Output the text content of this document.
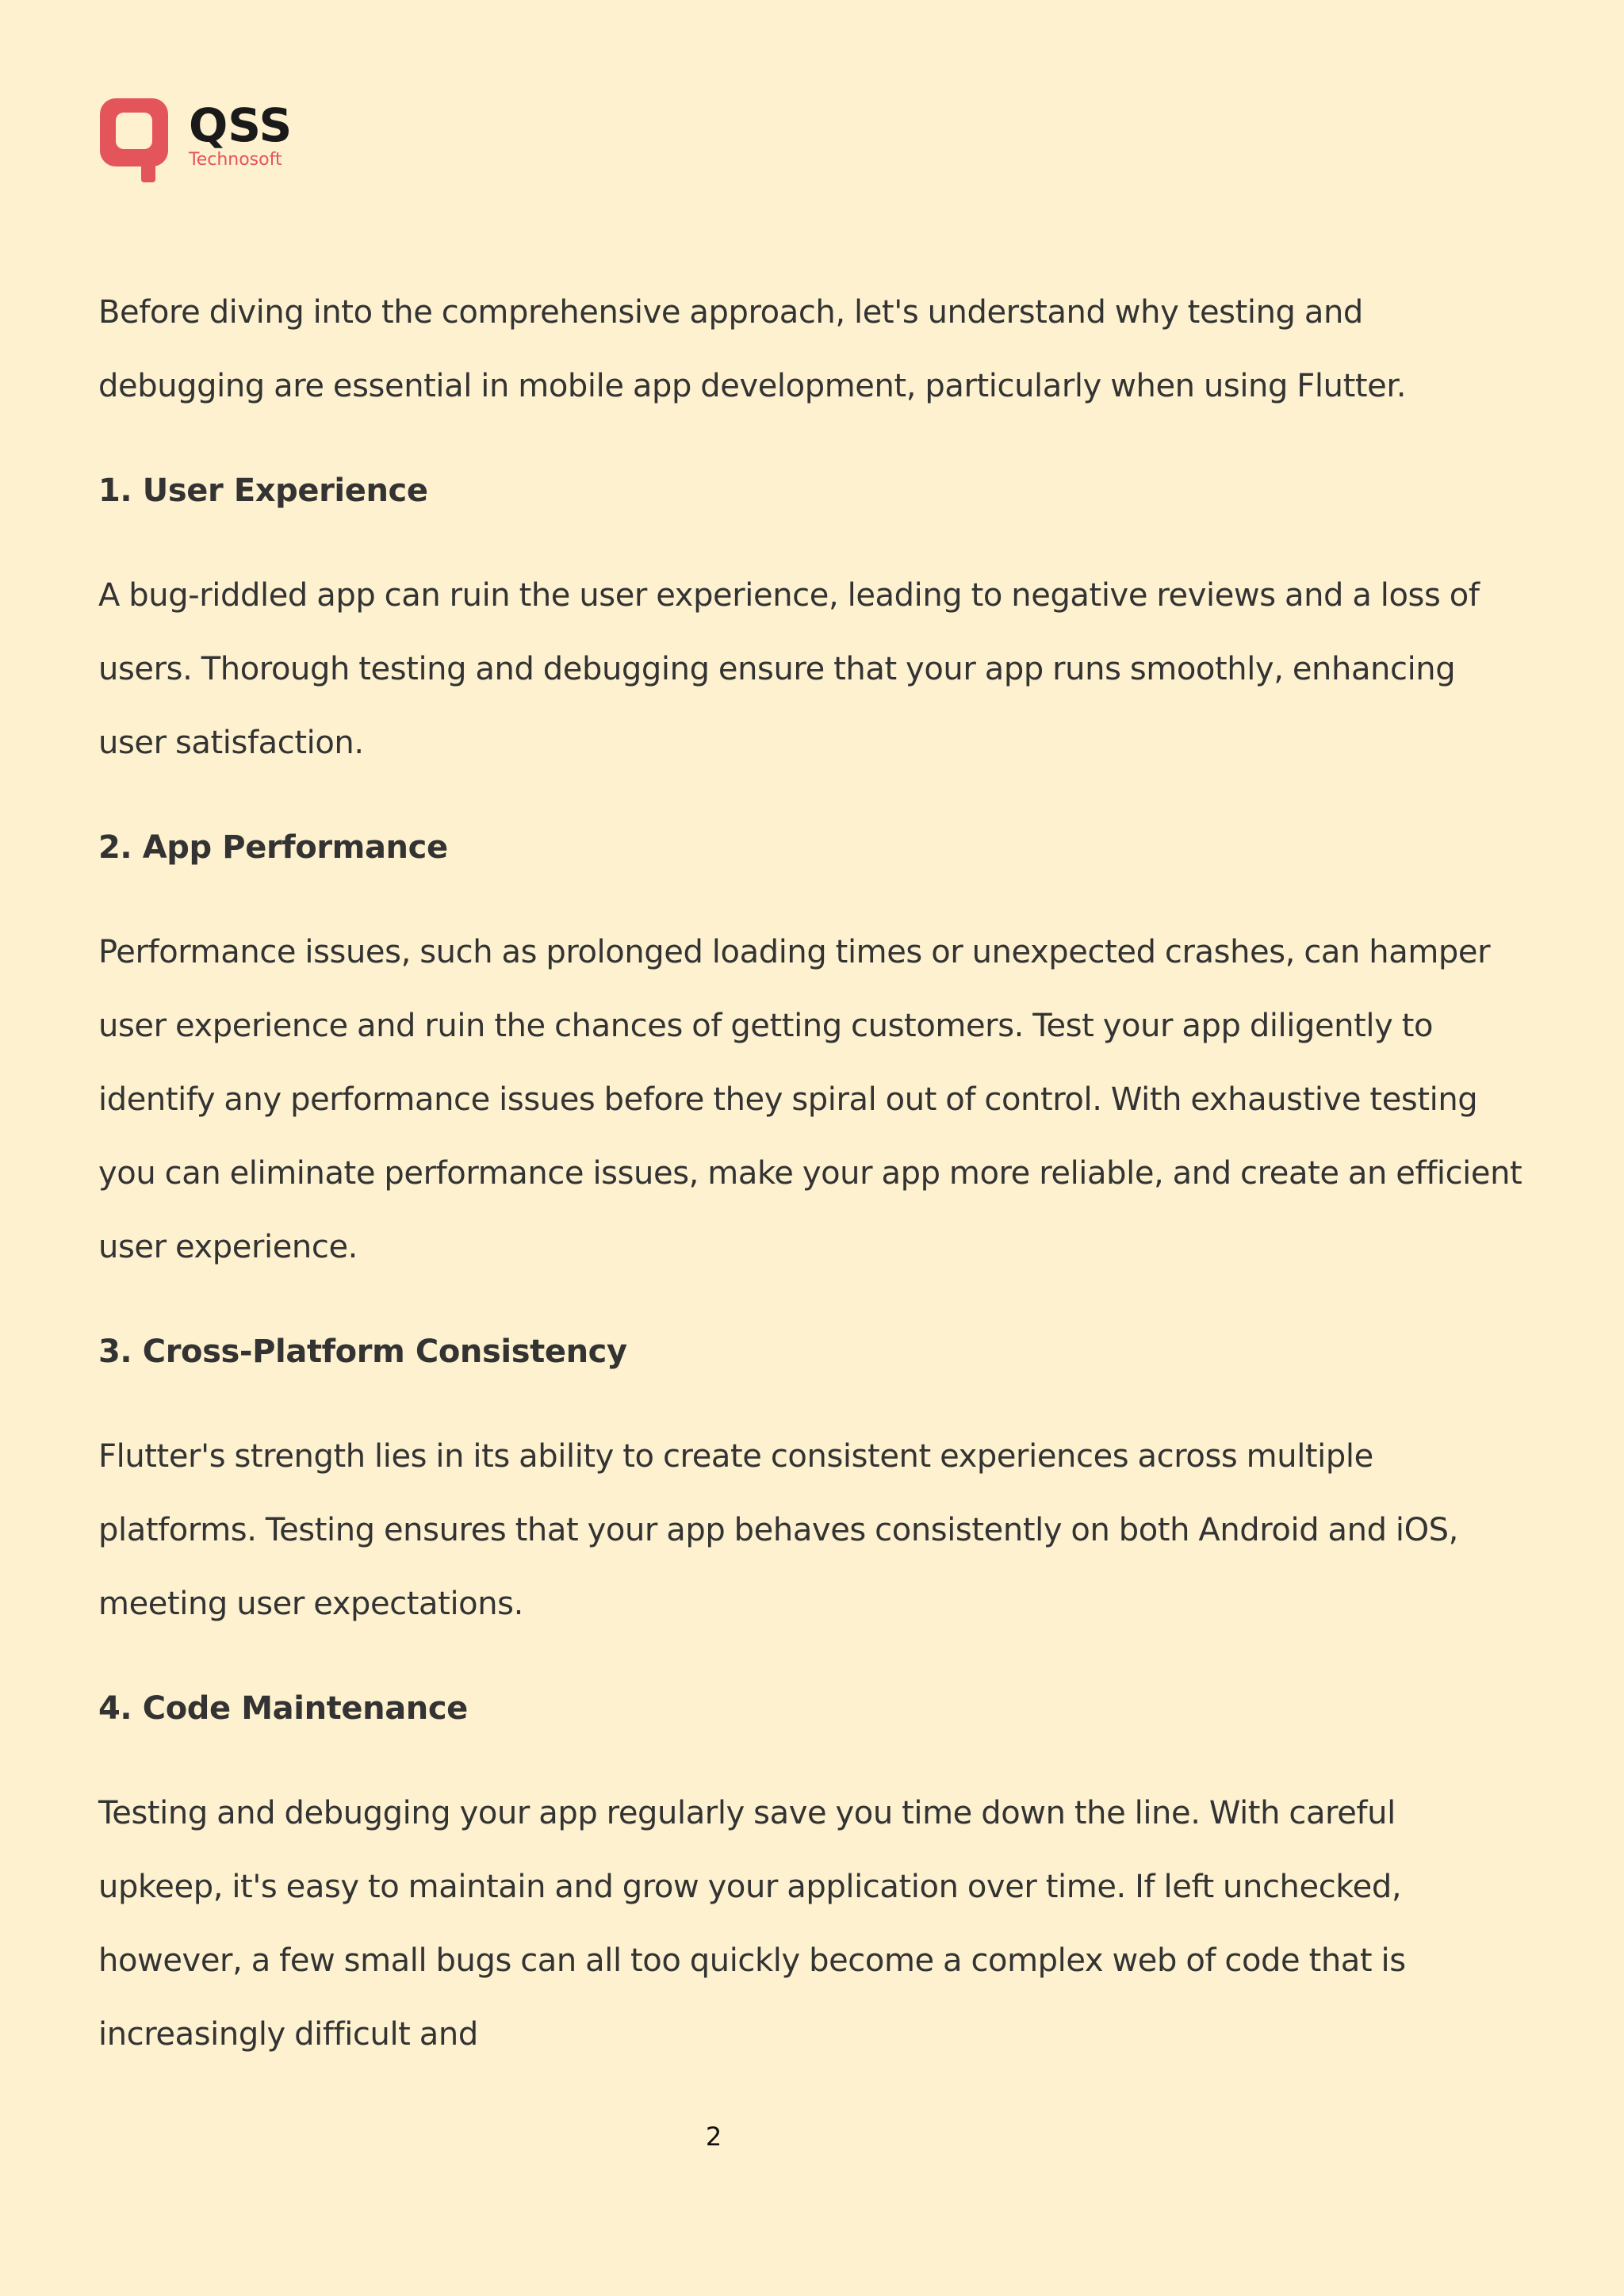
QSS
Technosoft

Before diving into the comprehensive approach, let's understand why testing and debugging are essential in mobile app development, particularly when using Flutter.

1. User Experience

A bug-riddled app can ruin the user experience, leading to negative reviews and a loss of users. Thorough testing and debugging ensure that your app runs smoothly, enhancing user satisfaction.

2. App Performance

Performance issues, such as prolonged loading times or unexpected crashes, can hamper user experience and ruin the chances of getting customers. Test your app diligently to identify any performance issues before they spiral out of control. With exhaustive testing you can eliminate performance issues, make your app more reliable, and create an efficient user experience.

3. Cross-Platform Consistency

Flutter's strength lies in its ability to create consistent experiences across multiple platforms. Testing ensures that your app behaves consistently on both Android and iOS, meeting user expectations.

4. Code Maintenance

Testing and debugging your app regularly save you time down the line. With careful upkeep, it's easy to maintain and grow your application over time. If left unchecked, however, a few small bugs can all too quickly become a complex web of code that is increasingly difficult and

2
